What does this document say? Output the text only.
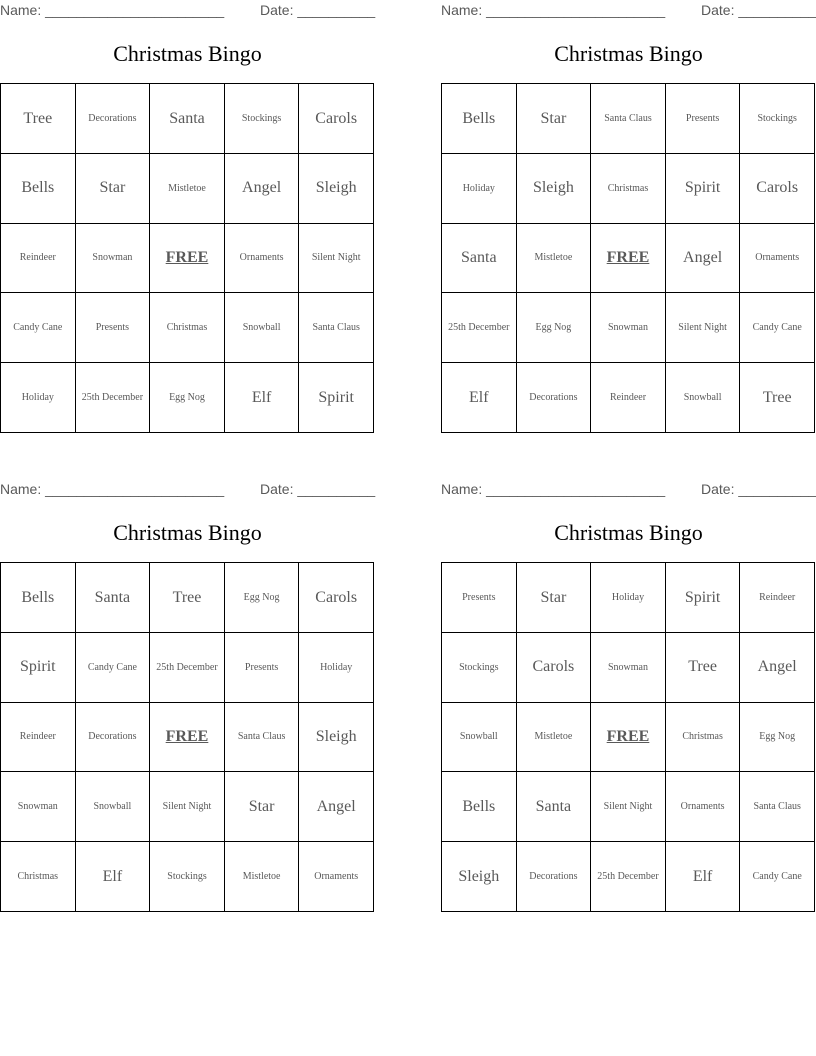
Name: _______________________	Date: __________
Christmas Bingo
Tree	Decorations	Santa	Stockings	Carols
Bells	Star	Mistletoe	Angel	Sleigh
Reindeer	Snowman	FREE	Ornaments	Silent Night
Candy Cane	Presents	Christmas	Snowball	Santa Claus
Holiday	25th December	Egg Nog	Elf	Spirit
Name: _______________________	Date: __________
Christmas Bingo
Bells	Star	Santa Claus	Presents	Stockings
Holiday	Sleigh	Christmas	Spirit	Carols
Santa	Mistletoe	FREE	Angel	Ornaments
25th December	Egg Nog	Snowman	Silent Night	Candy Cane
Elf	Decorations	Reindeer	Snowball	Tree
Name: _______________________	Date: __________
Christmas Bingo
Bells	Santa	Tree	Egg Nog	Carols
Spirit	Candy Cane	25th December	Presents	Holiday
Reindeer	Decorations	FREE	Santa Claus	Sleigh
Snowman	Snowball	Silent Night	Star	Angel
Christmas	Elf	Stockings	Mistletoe	Ornaments
Name: _______________________	Date: __________
Christmas Bingo
Presents	Star	Holiday	Spirit	Reindeer
Stockings	Carols	Snowman	Tree	Angel
Snowball	Mistletoe	FREE	Christmas	Egg Nog
Bells	Santa	Silent Night	Ornaments	Santa Claus
Sleigh	Decorations	25th December	Elf	Candy Cane
